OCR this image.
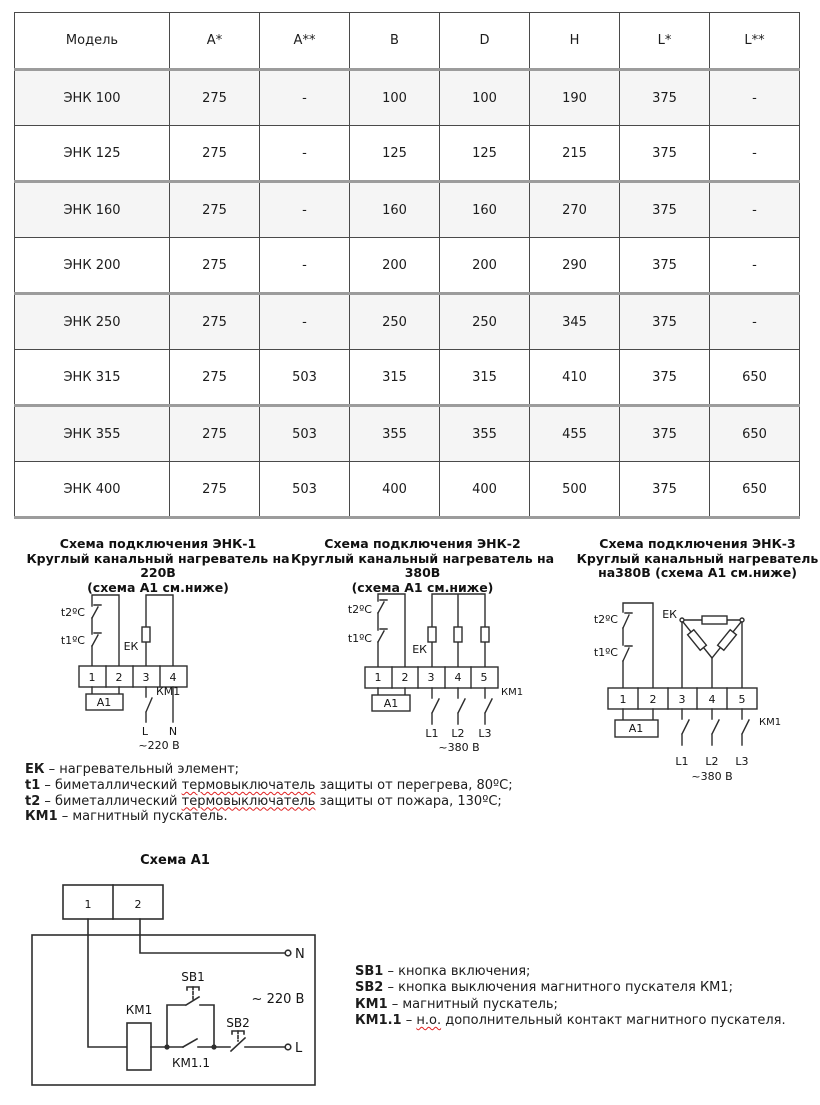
Модель	A*	A**	B	D	H	L*	L**
ЭНК 100	275	-	100	100	190	375	-
ЭНК 125	275	-	125	125	215	375	-
ЭНК 160	275	-	160	160	270	375	-
ЭНК 200	275	-	200	200	290	375	-
ЭНК 250	275	-	250	250	345	375	-
ЭНК 315	275	503	315	315	410	375	650
ЭНК 355	275	503	355	355	455	375	650
ЭНК 400	275	503	400	400	500	375	650
Схема подключения ЭНК-1
Круглый канальный нагреватель на 220В
(схема А1 см.ниже)
Схема подключения ЭНК-2
Круглый канальный нагреватель на 380В
(схема А1 см.ниже)
Схема подключения ЭНК-3
Круглый канальный нагреватель
на380В (схема А1 см.ниже)
t2ºC
t1ºC	ЕК
1 2 3 4
А1
КМ1
L N
~220 В
t2ºC
t1ºC
ЕК
1 2 3 4 5
А1
КМ1
L1 L2 L3
~380 В
t2ºC
t1ºC
ЕК
1 2 3 4 5
А1	КМ1
L1 L2 L3
~380 В
ЕК – нагревательный элемент;
t1 – биметаллический термовыключатель защиты от перегрева, 80ºС;
t2 – биметаллический термовыключатель защиты от пожара, 130ºС;
КМ1 – магнитный пускатель.
Схема А1
1	2
N
L
КМ1
КМ1.1
SB1
SB2
~ 220 В
SB1 – кнопка включения;
SB2 – кнопка выключения магнитного пускателя КМ1;
КМ1 – магнитный пускатель;
КМ1.1 – н.о. дополнительный контакт магнитного пускателя.
